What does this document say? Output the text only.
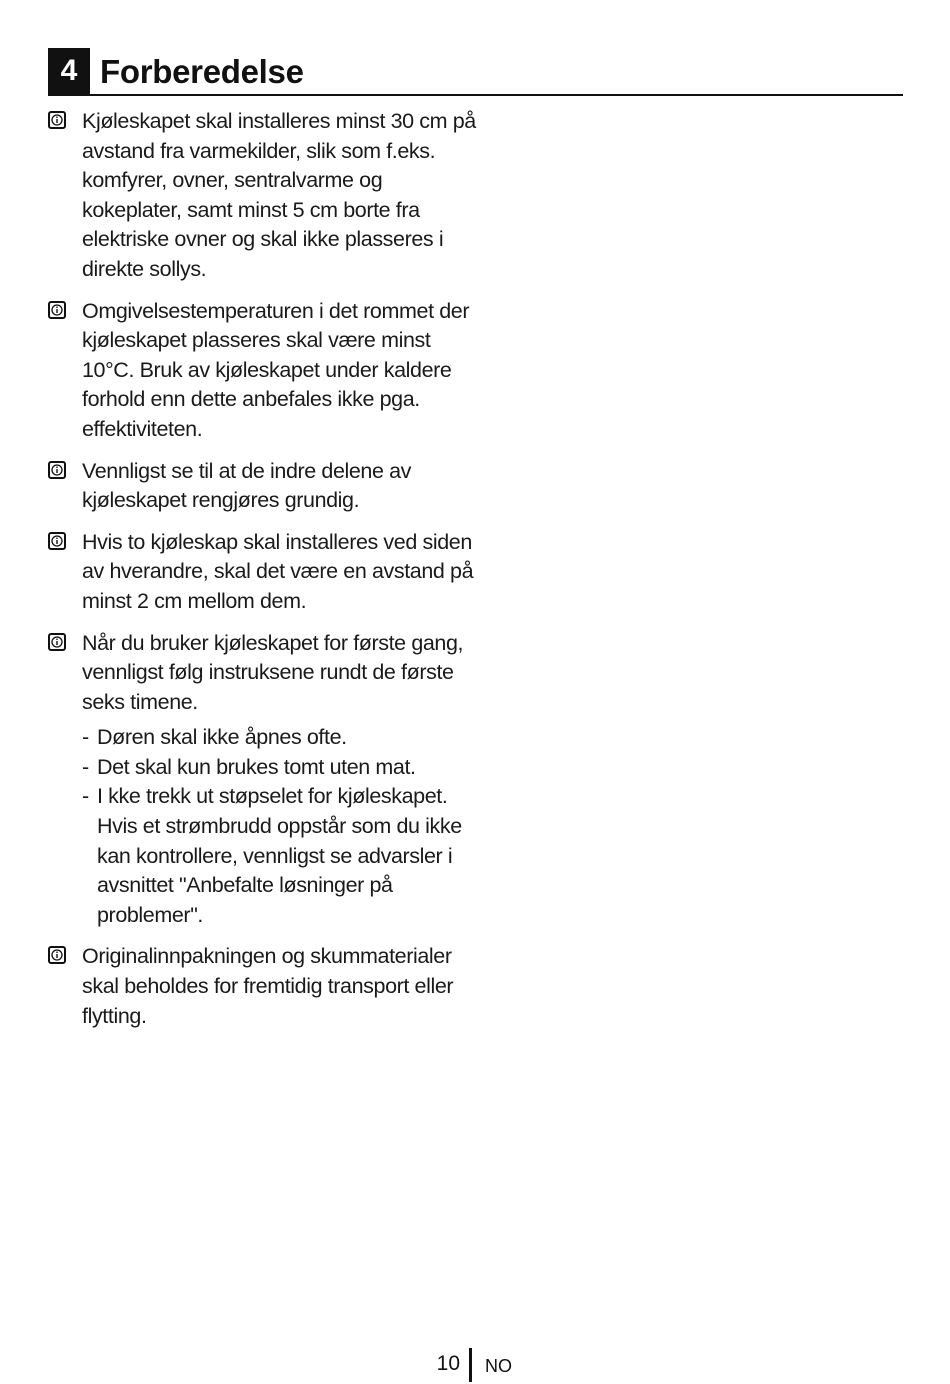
4 Forberedelse
Kjøleskapet skal installeres minst 30 cm på avstand fra varmekilder, slik som f.eks. komfyrer, ovner, sentralvarme og kokeplater, samt minst 5 cm borte fra elektriske ovner og skal ikke plasseres i direkte sollys.
Omgivelsestemperaturen i det rommet der kjøleskapet plasseres skal være minst 10°C. Bruk av kjøleskapet under kaldere forhold enn dette anbefales ikke pga. effektiviteten.
Vennligst se til at de indre delene av kjøleskapet rengjøres grundig.
Hvis to kjøleskap skal installeres ved siden av hverandre, skal det være en avstand på minst 2 cm mellom dem.
Når du bruker kjøleskapet for første gang, vennligst følg instruksene rundt de første seks timene.
- Døren skal ikke åpnes ofte.
- Det skal kun brukes tomt uten mat.
- I kke trekk ut støpselet for kjøleskapet. Hvis et strømbrudd oppstår som du ikke kan kontrollere, vennligst se advarsler i avsnittet "Anbefalte løsninger på problemer".
Originalinnpakningen og skummaterialer skal beholdes for fremtidig transport eller flytting.
10 NO
